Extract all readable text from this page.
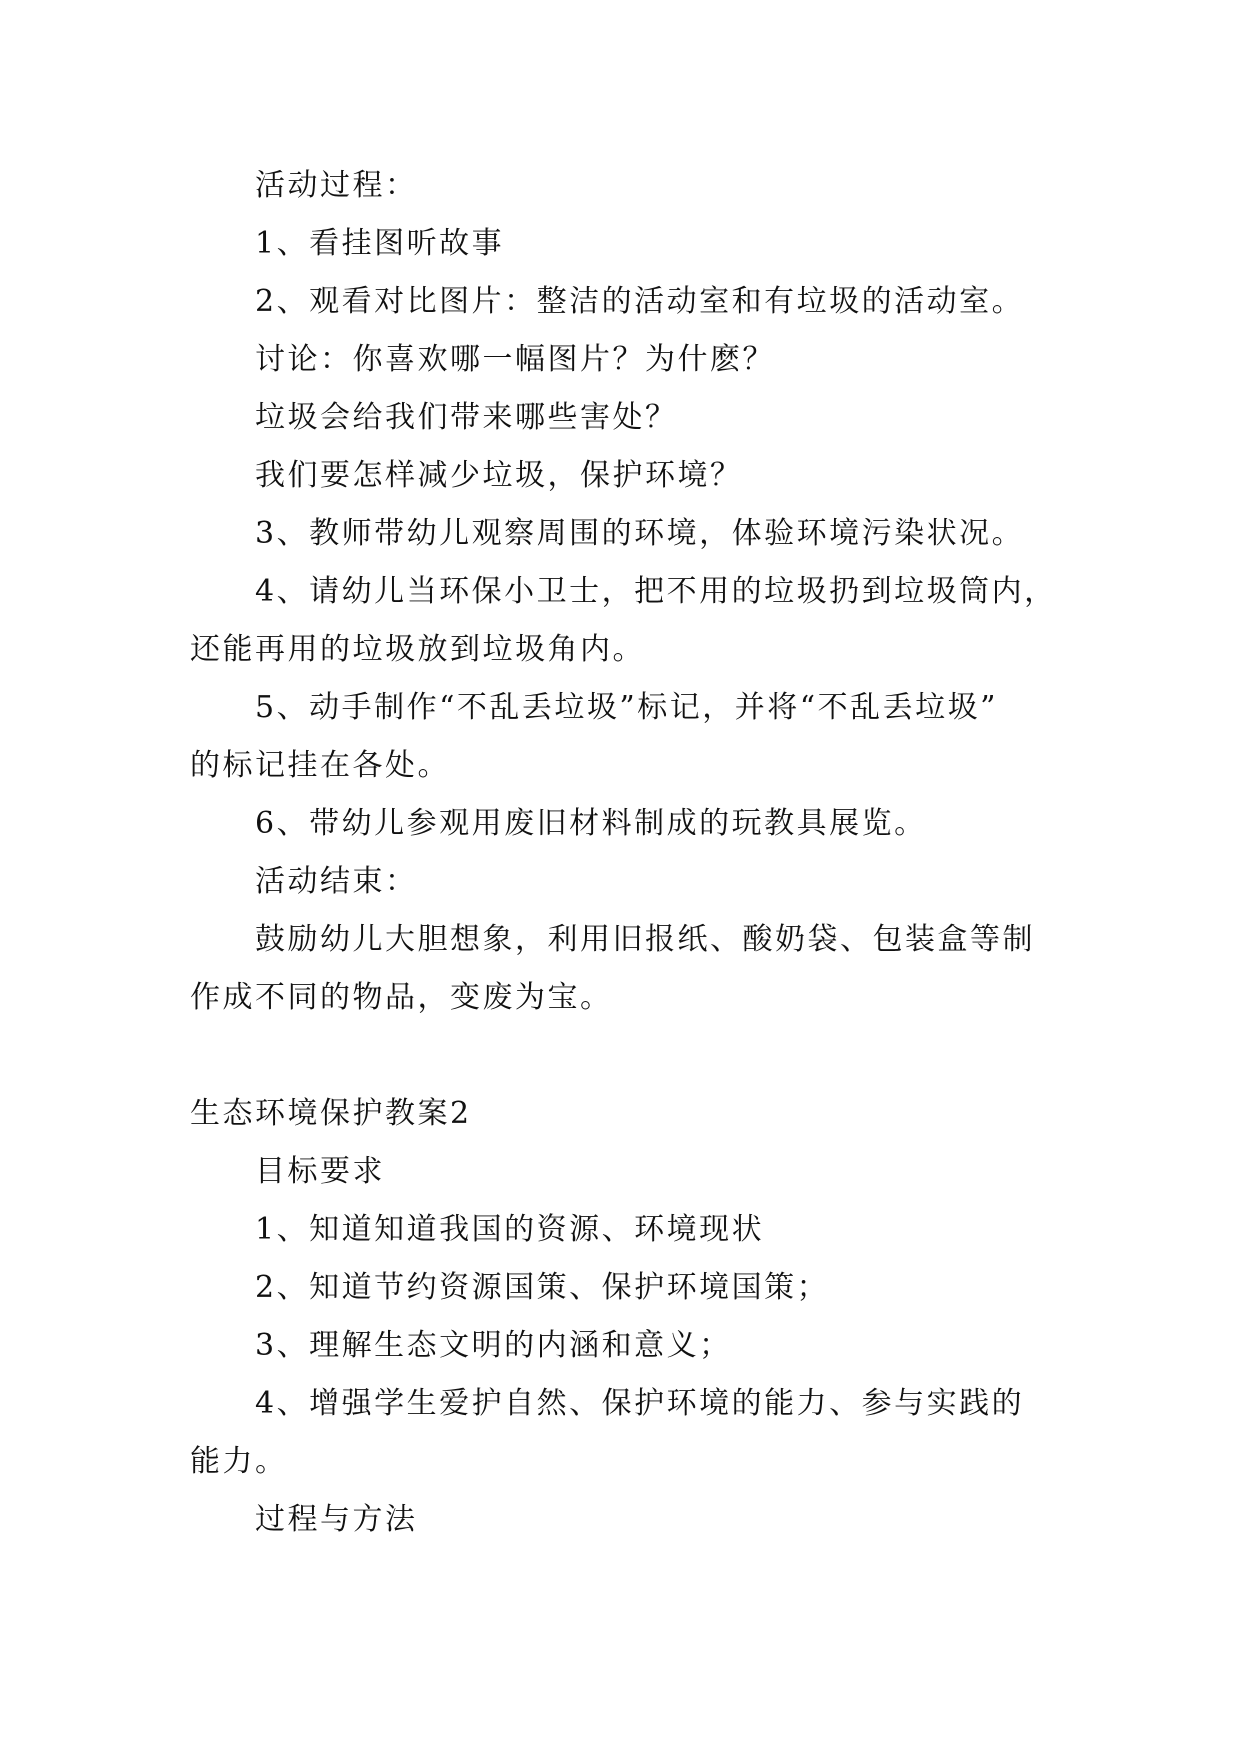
活动过程：
1、看挂图听故事
2、观看对比图片：整洁的活动室和有垃圾的活动室。
讨论：你喜欢哪一幅图片？为什麽？
垃圾会给我们带来哪些害处？
我们要怎样减少垃圾，保护环境？
3、教师带幼儿观察周围的环境，体验环境污染状况。
4、请幼儿当环保小卫士，把不用的垃圾扔到垃圾筒内，
还能再用的垃圾放到垃圾角内。
5、动手制作“不乱丢垃圾”标记，并将“不乱丢垃圾”
的标记挂在各处。
6、带幼儿参观用废旧材料制成的玩教具展览。
活动结束：
鼓励幼儿大胆想象，利用旧报纸、酸奶袋、包装盒等制
作成不同的物品，变废为宝。
生态环境保护教案2
目标要求
1、知道知道我国的资源、环境现状
2、知道节约资源国策、保护环境国策；
3、理解生态文明的内涵和意义；
4、增强学生爱护自然、保护环境的能力、参与实践的
能力。
过程与方法
